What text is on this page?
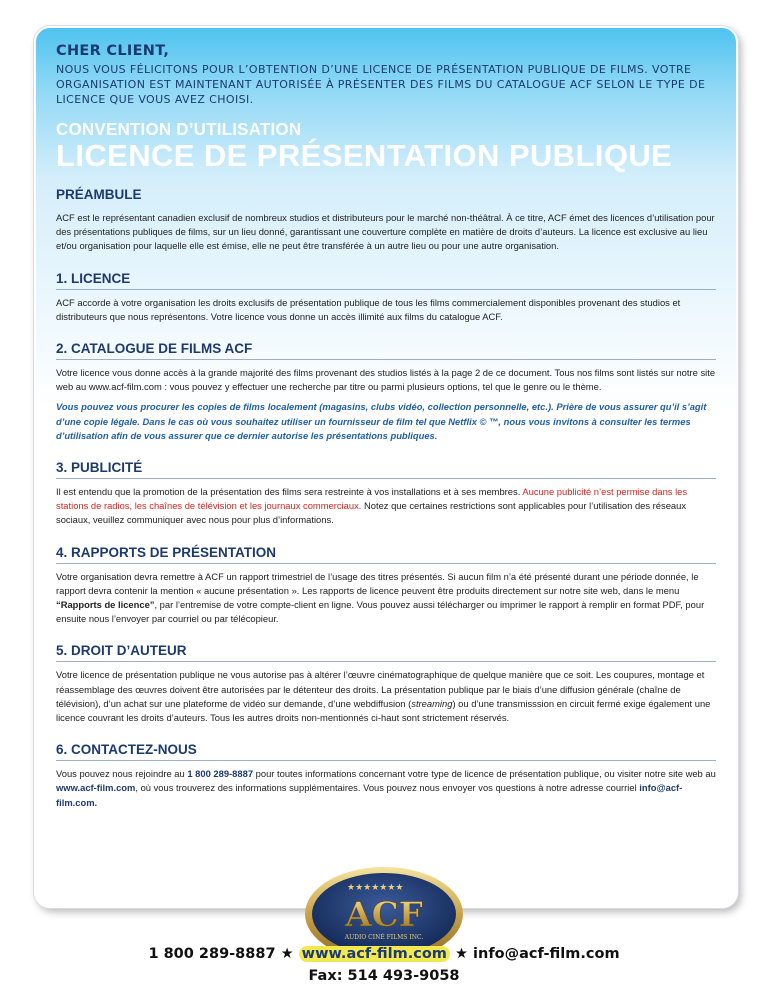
CHER CLIENT,

NOUS VOUS FÉLICITONS POUR L’OBTENTION D’UNE LICENCE DE PRÉSENTATION PUBLIQUE DE FILMS. VOTRE ORGANISATION EST MAINTENANT AUTORISÉE À PRÉSENTER DES FILMS DU CATALOGUE ACF SELON LE TYPE DE LICENCE QUE VOUS AVEZ CHOISI.

CONVENTION D’UTILISATION
LICENCE DE PRÉSENTATION PUBLIQUE
PRÉAMBULE

ACF est le représentant canadien exclusif de nombreux studios et distributeurs pour le marché non-théâtral. À ce titre, ACF émet des licences d’utilisation pour des présentations publiques de films, sur un lieu donné, garantissant une couverture complète en matière de droits d’auteurs. La licence est exclusive au lieu et/ou organisation pour laquelle elle est émise, elle ne peut être transférée à un autre lieu ou pour une autre organisation.

1. LICENCE

ACF accorde à votre organisation les droits exclusifs de présentation publique de tous les films commercialement disponibles provenant des studios et distributeurs que nous représentons. Votre licence vous donne un accès illimité aux films du catalogue ACF.

2. CATALOGUE DE FILMS ACF

Votre licence vous donne accès à la grande majorité des films provenant des studios listés à la page 2 de ce document. Tous nos films sont listés sur notre site web au www.acf-film.com : vous pouvez y effectuer une recherche par titre ou parmi plusieurs options, tel que le genre ou le thème.

Vous pouvez vous procurer les copies de films localement (magasins, clubs vidéo, collection personnelle, etc.). Prière de vous assurer qu’il s’agit d’une copie légale. Dans le cas où vous souhaitez utiliser un fournisseur de film tel que Netflix © ™, nous vous invitons à consulter les termes d’utilisation afin de vous assurer que ce dernier autorise les présentations publiques.

3. PUBLICITÉ

Il est entendu que la promotion de la présentation des films sera restreinte à vos installations et à ses membres. Aucune publicité n’est permise dans les stations de radios, les chaînes de télévision et les journaux commerciaux. Notez que certaines restrictions sont applicables pour l’utilisation des réseaux sociaux, veuillez communiquer avec nous pour plus d’informations.

4. RAPPORTS DE PRÉSENTATION

Votre organisation devra remettre à ACF un rapport trimestriel de l’usage des titres présentés. Si aucun film n’a été présenté durant une période donnée, le rapport devra contenir la mention « aucune présentation ». Les rapports de licence peuvent être produits directement sur notre site web, dans le menu “Rapports de licence”, par l’entremise de votre compte-client en ligne. Vous pouvez aussi télécharger ou imprimer le rapport à remplir en format PDF, pour ensuite nous l’envoyer par courriel ou par télécopieur.

5. DROIT D’AUTEUR

Votre licence de présentation publique ne vous autorise pas à altérer l’œuvre cinématographique de quelque manière que ce soit. Les coupures, montage et réassemblage des œuvres doivent être autorisées par le détenteur des droits. La présentation publique par le biais d’une diffusion générale (chaîne de télévision), d’un achat sur une plateforme de vidéo sur demande, d’une webdiffusion (streaming) ou d’une transmisssion en circuit fermé exige également une licence couvrant les droits d’auteurs. Tous les autres droits non-mentionnés ci-haut sont strictement réservés.

6. CONTACTEZ-NOUS

Vous pouvez nous rejoindre au 1 800 289-8887 pour toutes informations concernant votre type de licence de présentation publique, ou visiter notre site web au www.acf-film.com, où vous trouverez des informations supplémentaires. Vous pouvez nous envoyer vos questions à notre adresse courriel info@acf-film.com.

★★★★★★★
ACF
AUDIO CINÉ FILMS INC.
1 800 289-8887 ★ www.acf-film.com ★ info@acf-film.com
Fax: 514 493-9058
